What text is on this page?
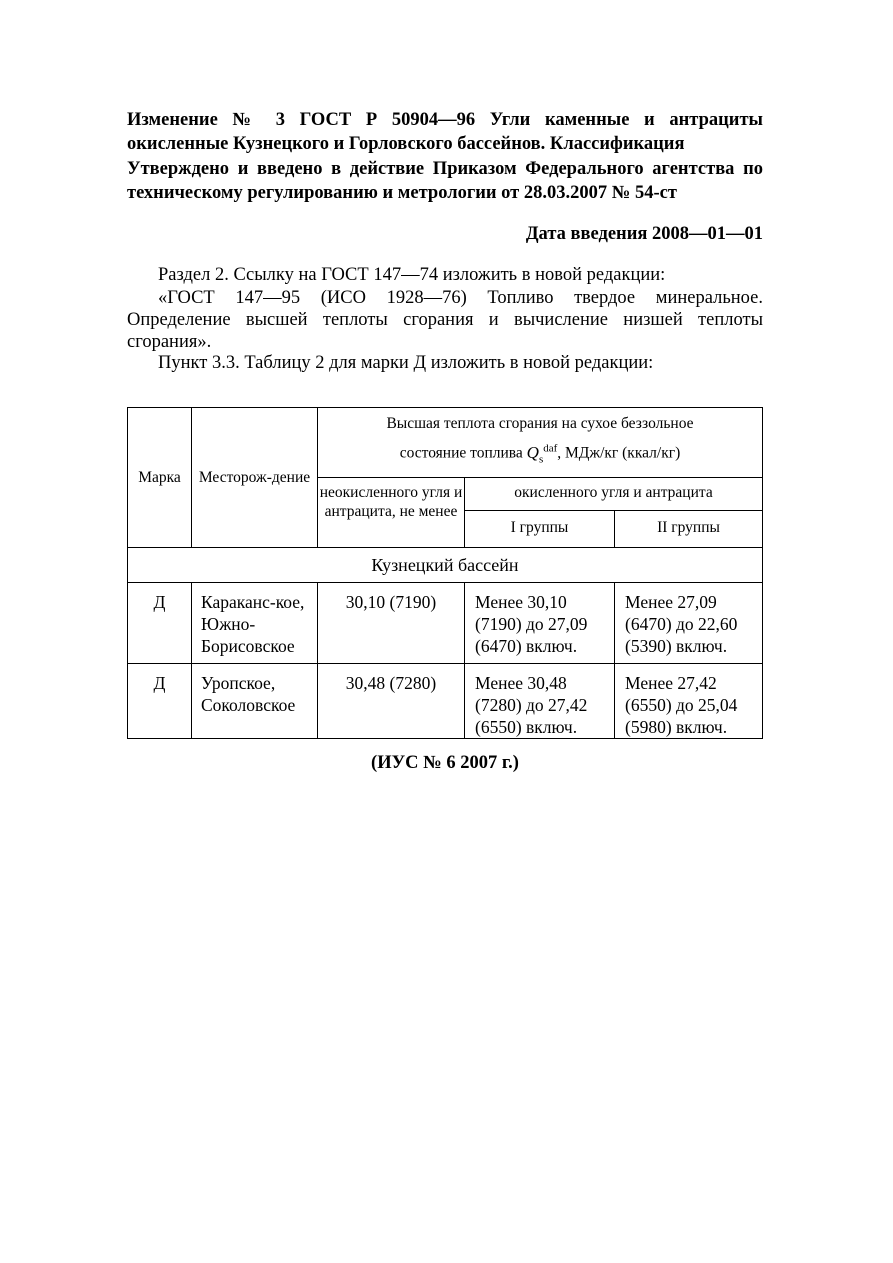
Изменение № 3 ГОСТ Р 50904—96 Угли каменные и антрациты окисленные Кузнецкого и Горловского бассейнов. Классификация
Утверждено и введено в действие Приказом Федерального агентства по техническому регулированию и метрологии от 28.03.2007 № 54-ст
Дата введения 2008—01—01
Раздел 2. Ссылку на ГОСТ 147—74 изложить в новой редакции:
«ГОСТ 147—95 (ИСО 1928—76) Топливо твердое минеральное. Определение высшей теплоты сгорания и вычисление низшей теплоты сгорания».
Пункт 3.3. Таблицу 2 для марки Д изложить в новой редакции:
Марка	Месторож-дение	Высшая теплота сгорания на сухое беззольное
состояние топлива $Q_s^{daf}$, МДж/кг (ккал/кг)		

		неокисленного угля и антрацита, не менее	окисленного угля и антрацита	
			I группы	II группы
Кузнецкий бассейн				
Д	Караканс-кое, Южно-Борисовское	30,10 (7190)	Менее 30,10 (7190) до 27,09 (6470) включ.	Менее 27,09 (6470) до 22,60 (5390) включ.
Д	Уропское, Соколовское	30,48 (7280)	Менее 30,48 (7280) до 27,42 (6550) включ.	Менее 27,42 (6550) до 25,04 (5980) включ.
(ИУС № 6 2007 г.)
